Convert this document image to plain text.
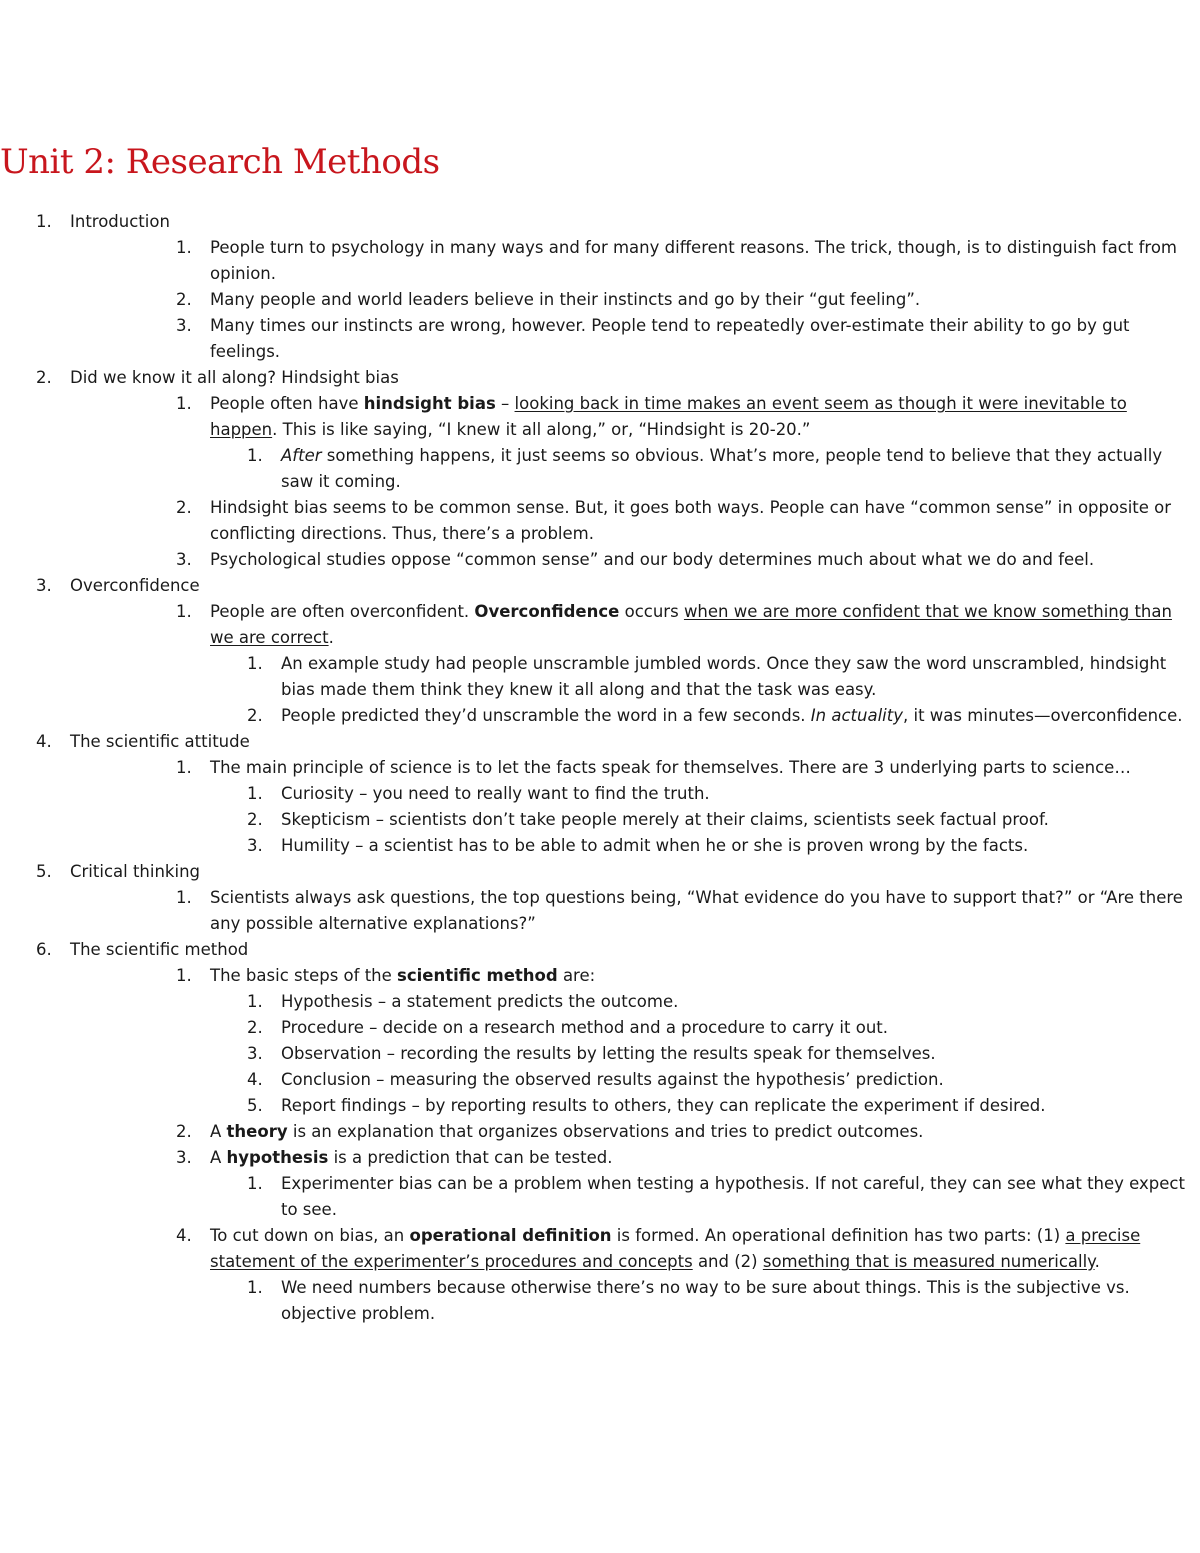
Unit 2: Research Methods
1. Introduction
1. People turn to psychology in many ways and for many different reasons. The trick, though, is to distinguish fact from opinion.
2. Many people and world leaders believe in their instincts and go by their “gut feeling”.
3. Many times our instincts are wrong, however. People tend to repeatedly over-estimate their ability to go by gut feelings.
2. Did we know it all along? Hindsight bias
1. People often have hindsight bias – looking back in time makes an event seem as though it were inevitable to happen. This is like saying, “I knew it all along,” or, “Hindsight is 20-20.”
1. After something happens, it just seems so obvious. What’s more, people tend to believe that they actually saw it coming.
2. Hindsight bias seems to be common sense. But, it goes both ways. People can have “common sense” in opposite or conflicting directions. Thus, there’s a problem.
3. Psychological studies oppose “common sense” and our body determines much about what we do and feel.
3. Overconfidence
1. People are often overconfident. Overconfidence occurs when we are more confident that we know something than we are correct.
1. An example study had people unscramble jumbled words. Once they saw the word unscrambled, hindsight bias made them think they knew it all along and that the task was easy.
2. People predicted they’d unscramble the word in a few seconds. In actuality, it was minutes—overconfidence.
4. The scientific attitude
1. The main principle of science is to let the facts speak for themselves. There are 3 underlying parts to science…
1. Curiosity – you need to really want to find the truth.
2. Skepticism – scientists don’t take people merely at their claims, scientists seek factual proof.
3. Humility – a scientist has to be able to admit when he or she is proven wrong by the facts.
5. Critical thinking
1. Scientists always ask questions, the top questions being, “What evidence do you have to support that?” or “Are there any possible alternative explanations?”
6. The scientific method
1. The basic steps of the scientific method are:
1. Hypothesis – a statement predicts the outcome.
2. Procedure – decide on a research method and a procedure to carry it out.
3. Observation – recording the results by letting the results speak for themselves.
4. Conclusion – measuring the observed results against the hypothesis’ prediction.
5. Report findings – by reporting results to others, they can replicate the experiment if desired.
2. A theory is an explanation that organizes observations and tries to predict outcomes.
3. A hypothesis is a prediction that can be tested.
1. Experimenter bias can be a problem when testing a hypothesis. If not careful, they can see what they expect to see.
4. To cut down on bias, an operational definition is formed. An operational definition has two parts: (1) a precise statement of the experimenter’s procedures and concepts and (2) something that is measured numerically.
1. We need numbers because otherwise there’s no way to be sure about things. This is the subjective vs. objective problem.
